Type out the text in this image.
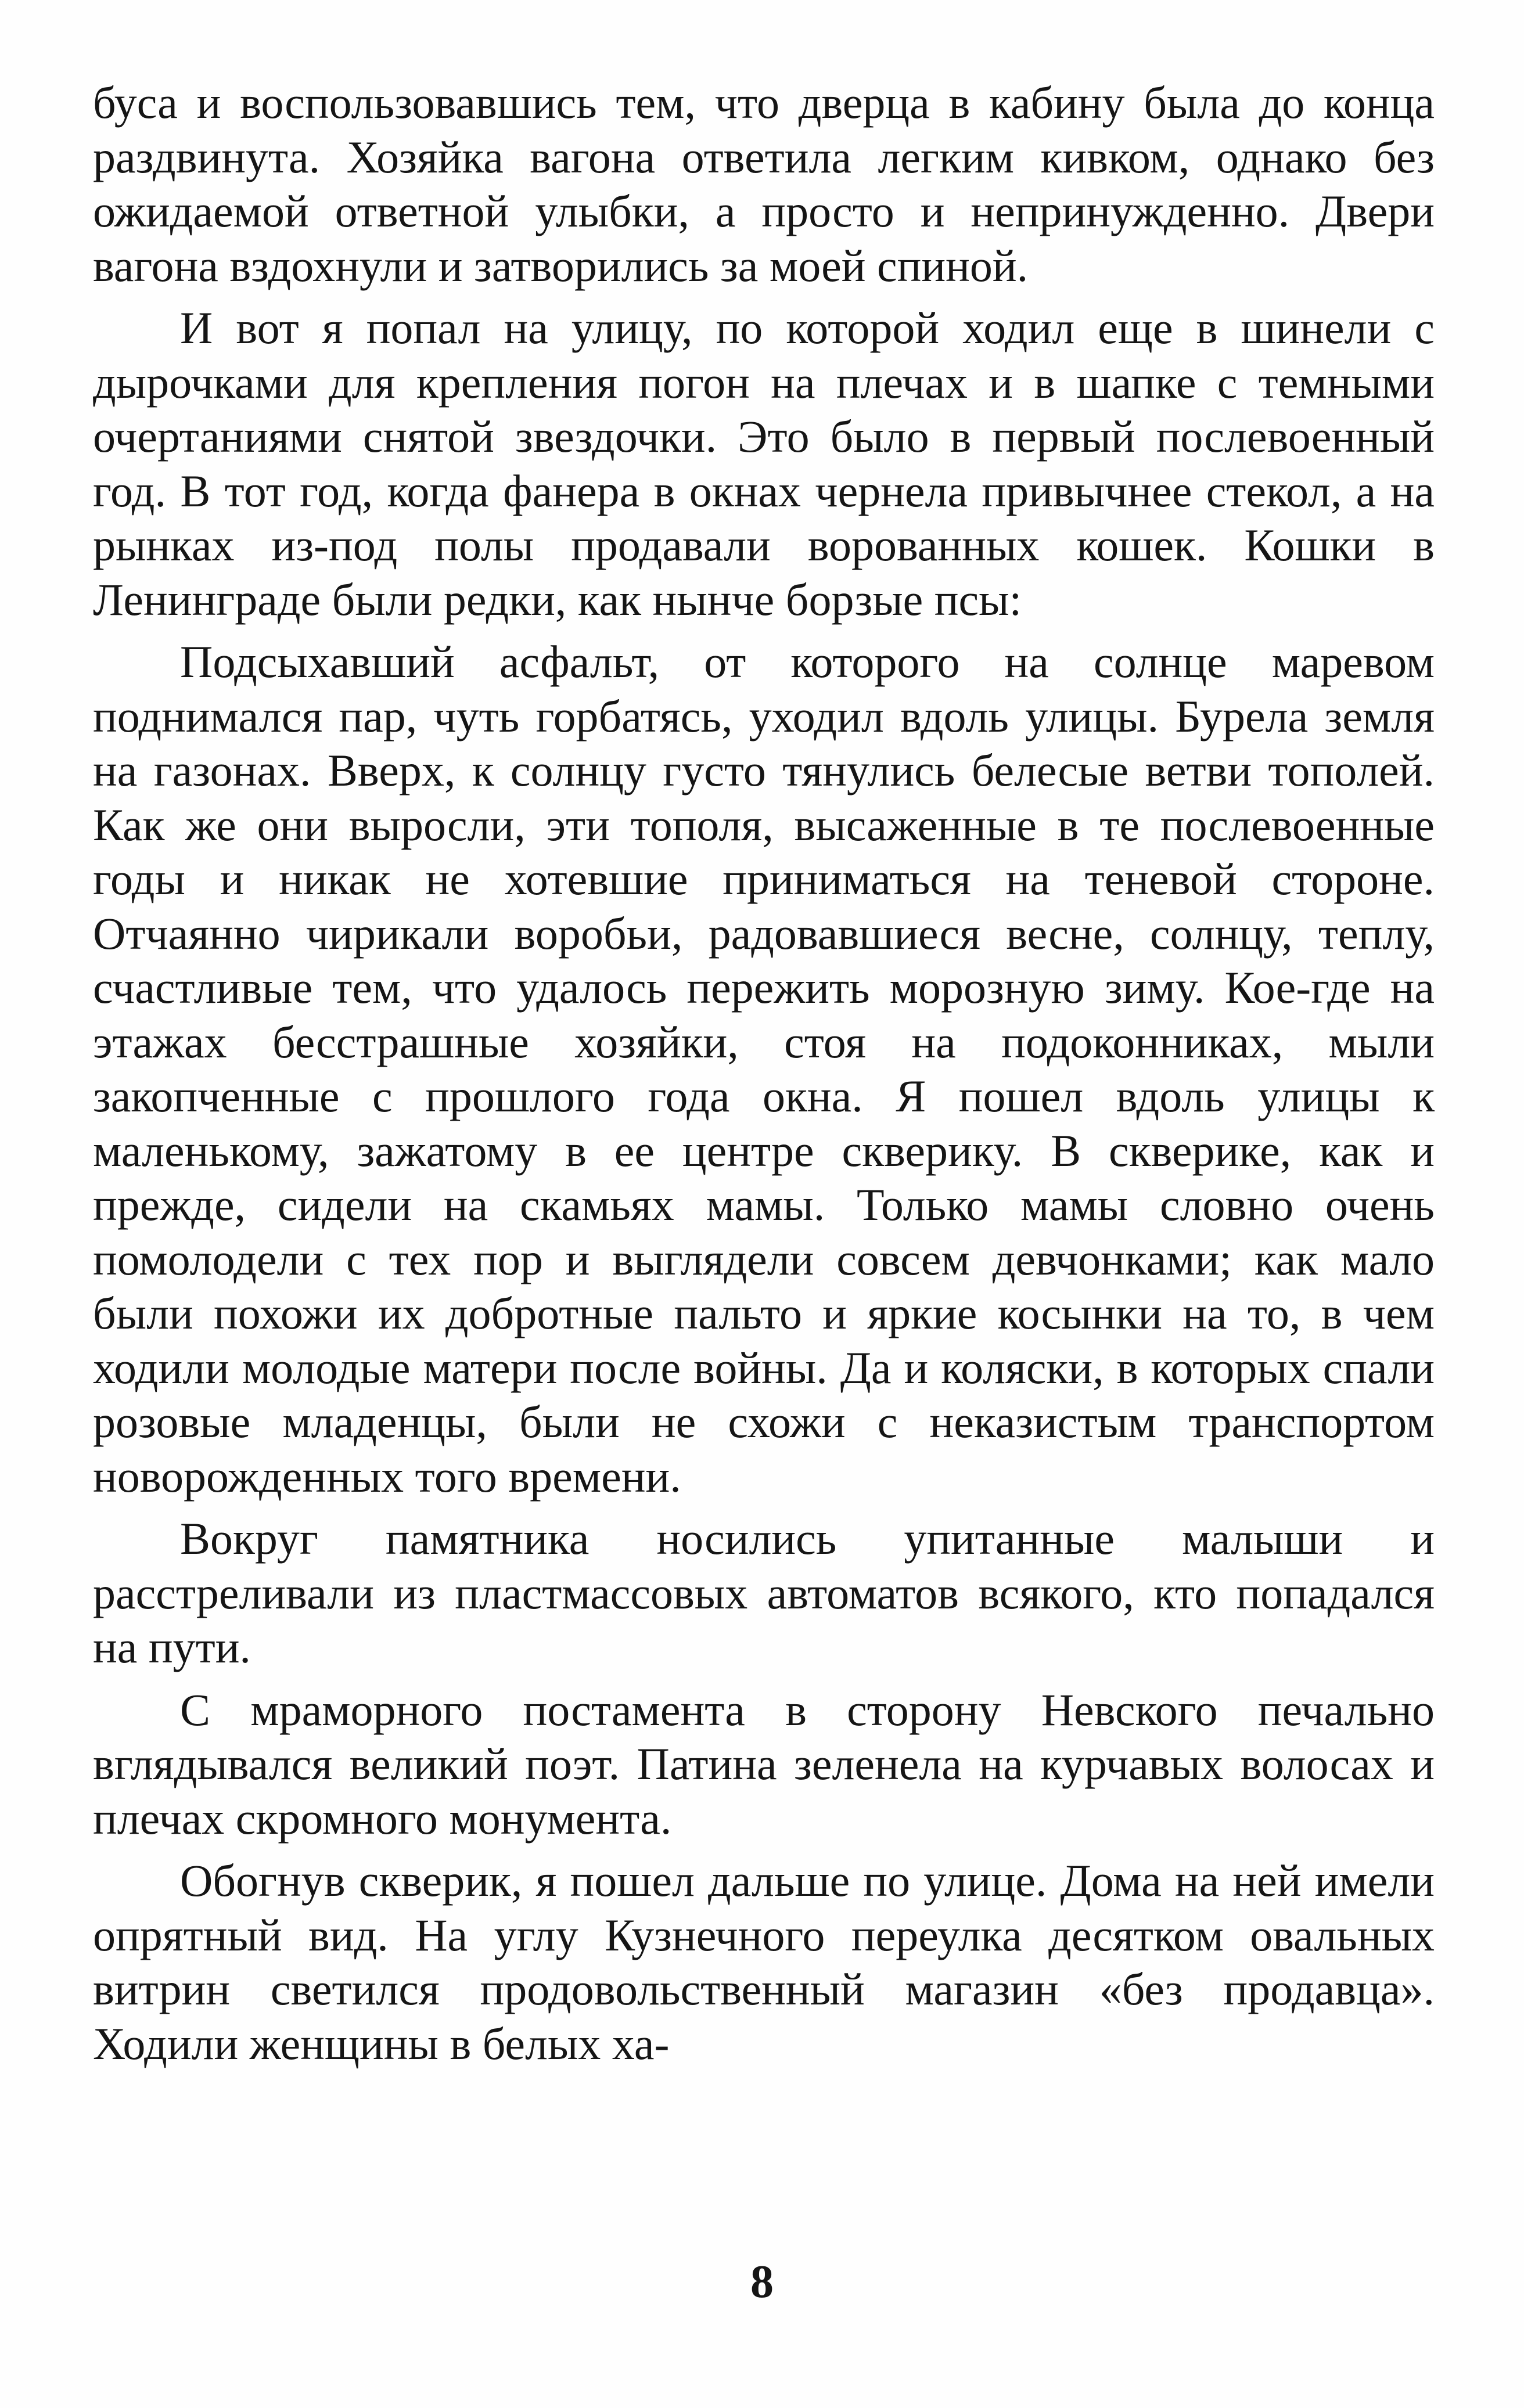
буса и воспользовавшись тем, что дверца в кабину была до конца раздвинута. Хозяйка вагона ответила легким кивком, однако без ожидаемой ответной улыбки, а просто и непринужденно. Двери вагона вздохнули и затворились за моей спиной.

И вот я попал на улицу, по которой ходил еще в шинели с дырочками для крепления погон на плечах и в шапке с темными очертаниями снятой звездочки. Это было в первый послевоенный год. В тот год, когда фанера в окнах чернела привычнее стекол, а на рынках из-под полы продавали ворованных кошек. Кошки в Ленинграде были редки, как нынче борзые псы:

Подсыхавший асфальт, от которого на солнце маревом поднимался пар, чуть горбатясь, уходил вдоль улицы. Бурела земля на газонах. Вверх, к солнцу густо тянулись белесые ветви тополей. Как же они выросли, эти тополя, высаженные в те послевоенные годы и никак не хотевшие приниматься на теневой стороне. Отчаянно чирикали воробьи, радовавшиеся весне, солнцу, теплу, счастливые тем, что удалось пережить морозную зиму. Кое-где на этажах бесстрашные хозяйки, стоя на подоконниках, мыли закопченные с прошлого года окна. Я пошел вдоль улицы к маленькому, зажатому в ее центре скверику. В скверике, как и прежде, сидели на скамьях мамы. Только мамы словно очень помолодели с тех пор и выглядели совсем девчонками; как мало были похожи их добротные пальто и яркие косынки на то, в чем ходили молодые матери после войны. Да и коляски, в которых спали розовые младенцы, были не схожи с неказистым транспортом новорожденных того времени.

Вокруг памятника носились упитанные малыши и расстреливали из пластмассовых автоматов всякого, кто попадался на пути.

С мраморного постамента в сторону Невского печально вглядывался великий поэт. Патина зеленела на курчавых волосах и плечах скромного монумента.

Обогнув скверик, я пошел дальше по улице. Дома на ней имели опрятный вид. На углу Кузнечного переулка десятком овальных витрин светился продовольственный магазин «без продавца». Ходили женщины в белых ха-

8
